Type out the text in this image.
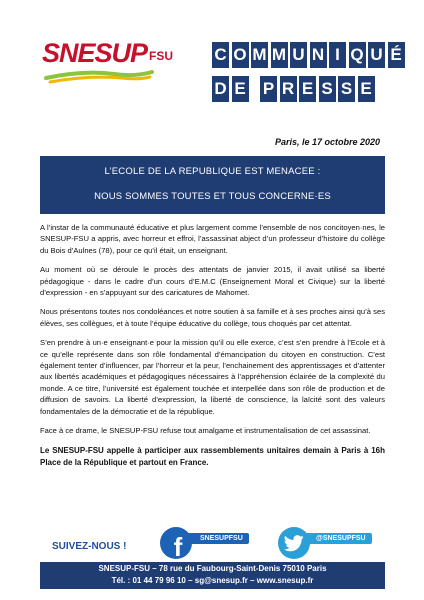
SNESUP $^{FSU}$ C O M M U N I Q U É
D E P R E S S E
Paris, le 17 octobre 2020
L’ECOLE DE LA REPUBLIQUE EST MENACEE :
NOUS SOMMES TOUTES ET TOUS CONCERNE·ES

A l’instar de la communauté éducative et plus largement comme l’ensemble de nos concitoyen·nes, le SNESUP-FSU a appris, avec horreur et effroi, l’assassinat abject d’un professeur d’histoire du collège du Bois d’Aulnes (78), pour ce qu’il était, un enseignant.

Au moment où se déroule le procès des attentats de janvier 2015, il avait utilisé sa liberté pédagogique - dans le cadre d’un cours d’E.M.C (Enseignement Moral et Civique) sur la liberté d’expression - en s’appuyant sur des caricatures de Mahomet.

Nous présentons toutes nos condoléances et notre soutien à sa famille et à ses proches ainsi qu’à ses élèves, ses collègues, et à toute l’équipe éducative du collège, tous choqués par cet attentat.

S’en prendre à un·e enseignant·e pour la mission qu’il ou elle exerce, c’est s’en prendre à l’Ecole et à ce qu’elle représente dans son rôle fondamental d’émancipation du citoyen en construction. C’est également tenter d’influencer, par l’horreur et la peur, l’enchainement des apprentissages et d’attenter aux libertés académiques et pédagogiques nécessaires à l’appréhension éclairée de la complexité du monde. A ce titre, l’université est également touchée et interpellée dans son rôle de production et de diffusion de savoirs. La liberté d’expression, la liberté de conscience, la laïcité sont des valeurs fondamentales de la démocratie et de la république.

Face à ce drame, le SNESUP-FSU refuse tout amalgame et instrumentalisation de cet assassinat.

Le SNESUP-FSU appelle à participer aux rassemblements unitaires demain à Paris à 16h Place de la République et partout en France.

SUIVEZ-NOUS !
SNESUPFSU
f	@SNESUPFSU
SNESUP-FSU – 78 rue du Faubourg-Saint-Denis 75010 Paris
Tél. : 01 44 79 96 10 – sg@snesup.fr – www.snesup.fr
